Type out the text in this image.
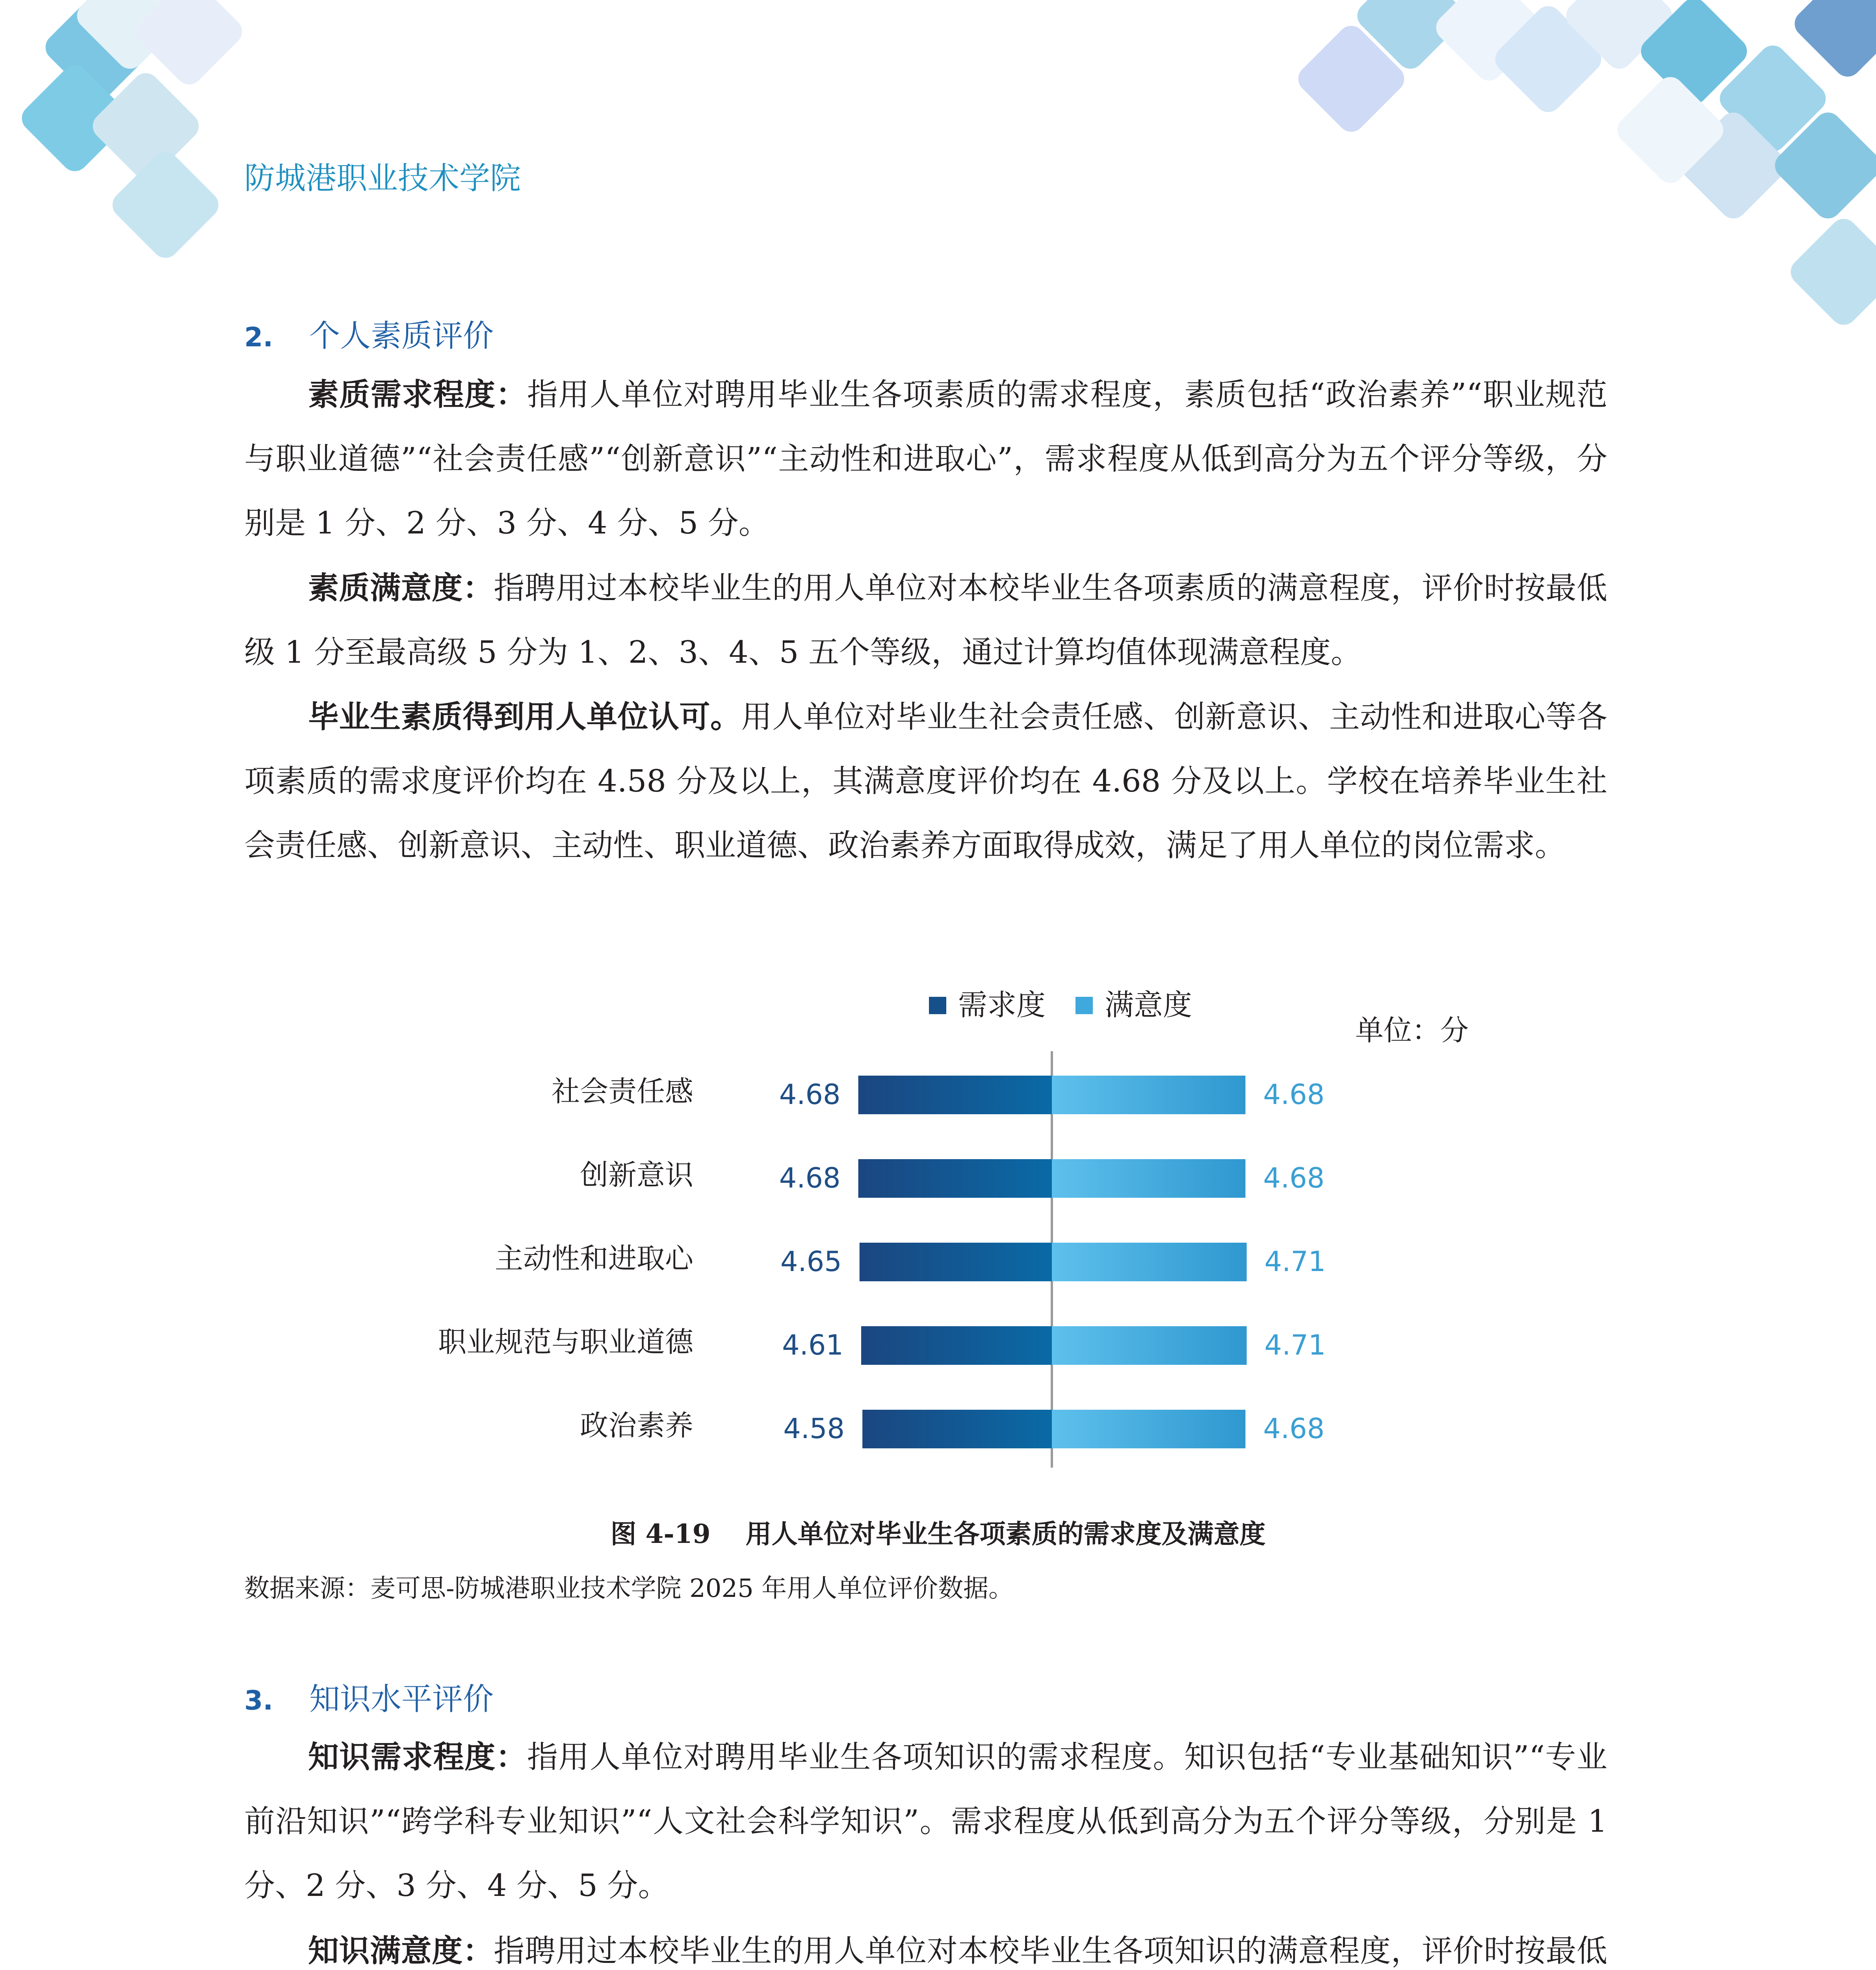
防城港职业技术学院
2. 个人素质评价

素质需求程度：指用人单位对聘用毕业生各项素质的需求程度，素质包括“政治素养”“职业规范与职业道德”“社会责任感”“创新意识”“主动性和进取心”，需求程度从低到高分为五个评分等级，分别是 1 分、2 分、3 分、4 分、5 分。

素质满意度：指聘用过本校毕业生的用人单位对本校毕业生各项素质的满意程度，评价时按最低级 1 分至最高级 5 分为 1、2、3、4、5 五个等级，通过计算均值体现满意程度。

毕业生素质得到用人单位认可。用人单位对毕业生社会责任感、创新意识、主动性和进取心等各项素质的需求度评价均在 4.58 分及以上，其满意度评价均在 4.68 分及以上。学校在培养毕业生社会责任感、创新意识、主动性、职业道德、政治素养方面取得成效，满足了用人单位的岗位需求。

需求度 满意度
单位：分
社会责任感	4.68	4.68
创新意识	4.68	4.68
主动性和进取心	4.65	4.71
职业规范与职业道德	4.61	4.71
政治素养	4.58	4.68
图 4-19　 用人单位对毕业生各项素质的需求度及满意度
数据来源：麦可思-防城港职业技术学院 2025 年用人单位评价数据。
3. 知识水平评价

知识需求程度：指用人单位对聘用毕业生各项知识的需求程度。知识包括“专业基础知识”“专业前沿知识”“跨学科专业知识”“人文社会科学知识”。需求程度从低到高分为五个评分等级，分别是 1 分、2 分、3 分、4 分、5 分。

知识满意度：指聘用过本校毕业生的用人单位对本校毕业生各项知识的满意程度，评价时按最低
